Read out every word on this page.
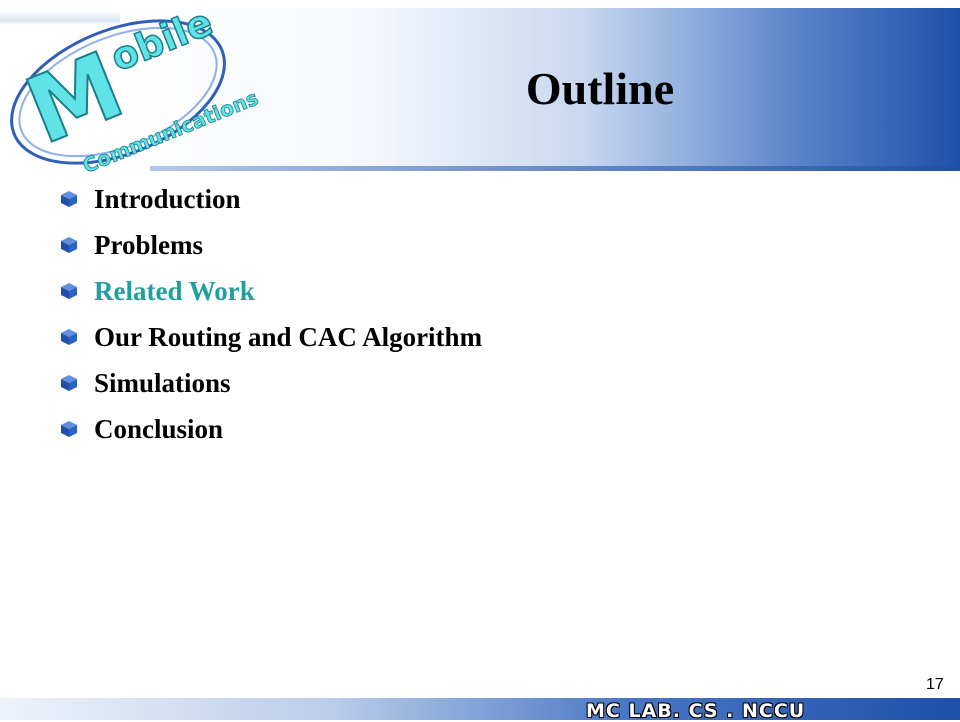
M
obile
Communications	Outline
Introduction
Problems
Related Work
Our Routing and CAC Algorithm
Simulations
Conclusion
17
MC LAB. CS . NCCU
